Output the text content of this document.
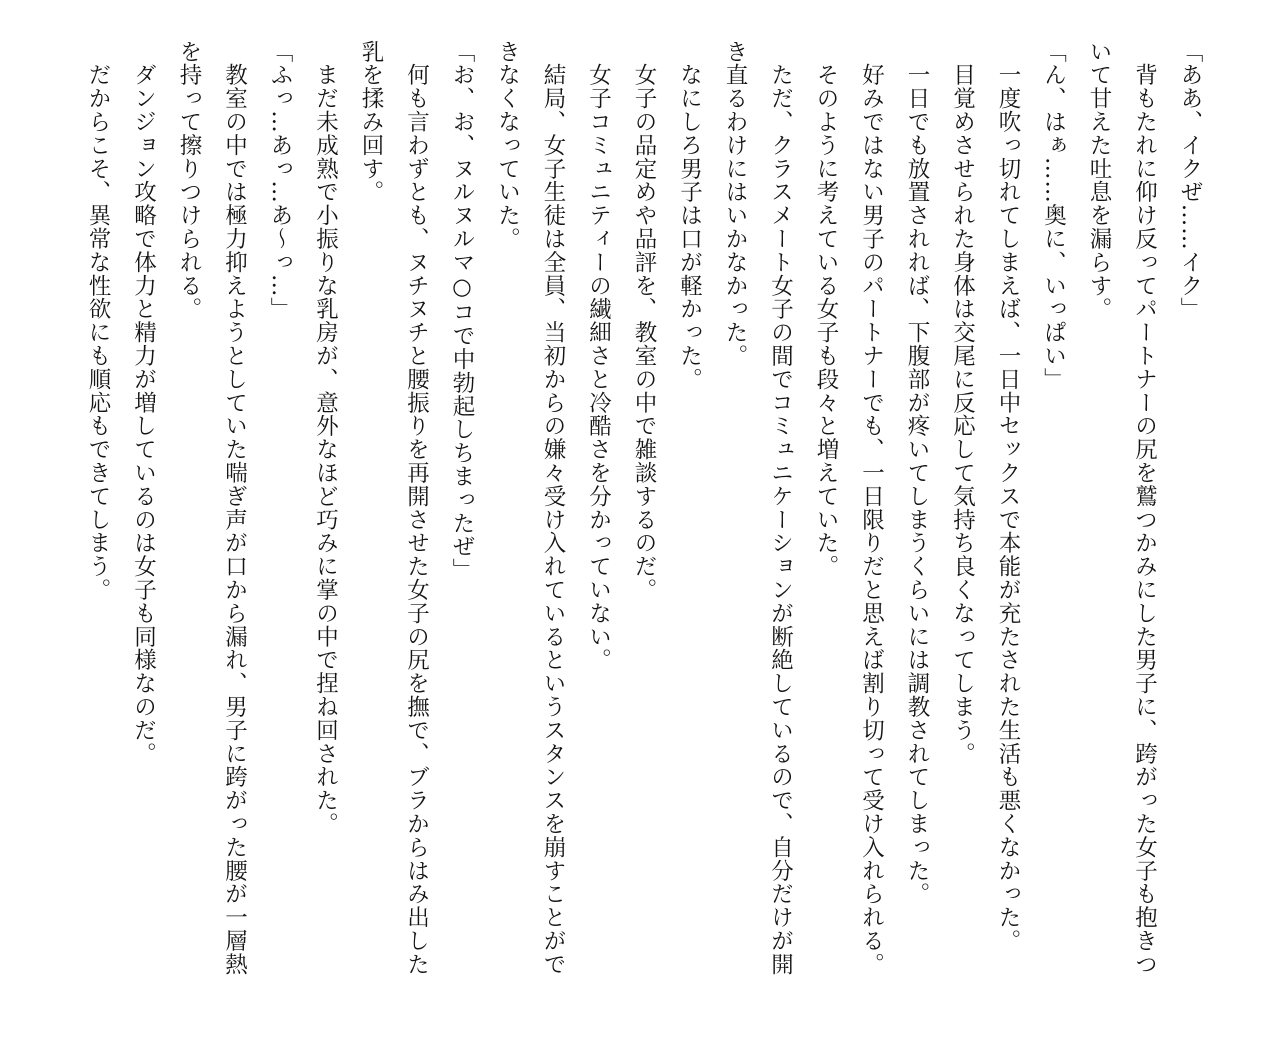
「ああ、イクぜ……イク」
　背もたれに仰け反ってパートナーの尻を鷲つかみにした男子に、跨がった女子も抱きつ
いて甘えた吐息を漏らす。
「ん、はぁ……奥に、いっぱい」
　一度吹っ切れてしまえば、一日中セックスで本能が充たされた生活も悪くなかった。
　目覚めさせられた身体は交尾に反応して気持ち良くなってしまう。
　一日でも放置されれば、下腹部が疼いてしまうくらいには調教されてしまった。
　好みではない男子のパートナーでも、一日限りだと思えば割り切って受け入れられる。
　そのように考えている女子も段々と増えていた。
　ただ、クラスメート女子の間でコミュニケーションが断絶しているので、自分だけが開
き直るわけにはいかなかった。
　なにしろ男子は口が軽かった。
　女子の品定めや品評を、教室の中で雑談するのだ。
　女子コミュニティーの繊細さと冷酷さを分かっていない。
　結局、女子生徒は全員、当初からの嫌々受け入れているというスタンスを崩すことがで
きなくなっていた。
「お、お、ヌルヌルマ○コで中勃起しちまったぜ」
　何も言わずとも、ヌチヌチと腰振りを再開させた女子の尻を撫で、ブラからはみ出した
乳を揉み回す。
　まだ未成熟で小振りな乳房が、意外なほど巧みに掌の中で捏ね回された。
「ふっ…あっ…あ～っ…」
　教室の中では極力抑えようとしていた喘ぎ声が口から漏れ、男子に跨がった腰が一層熱
を持って擦りつけられる。
　ダンジョン攻略で体力と精力が増しているのは女子も同様なのだ。
　だからこそ、異常な性欲にも順応もできてしまう。
